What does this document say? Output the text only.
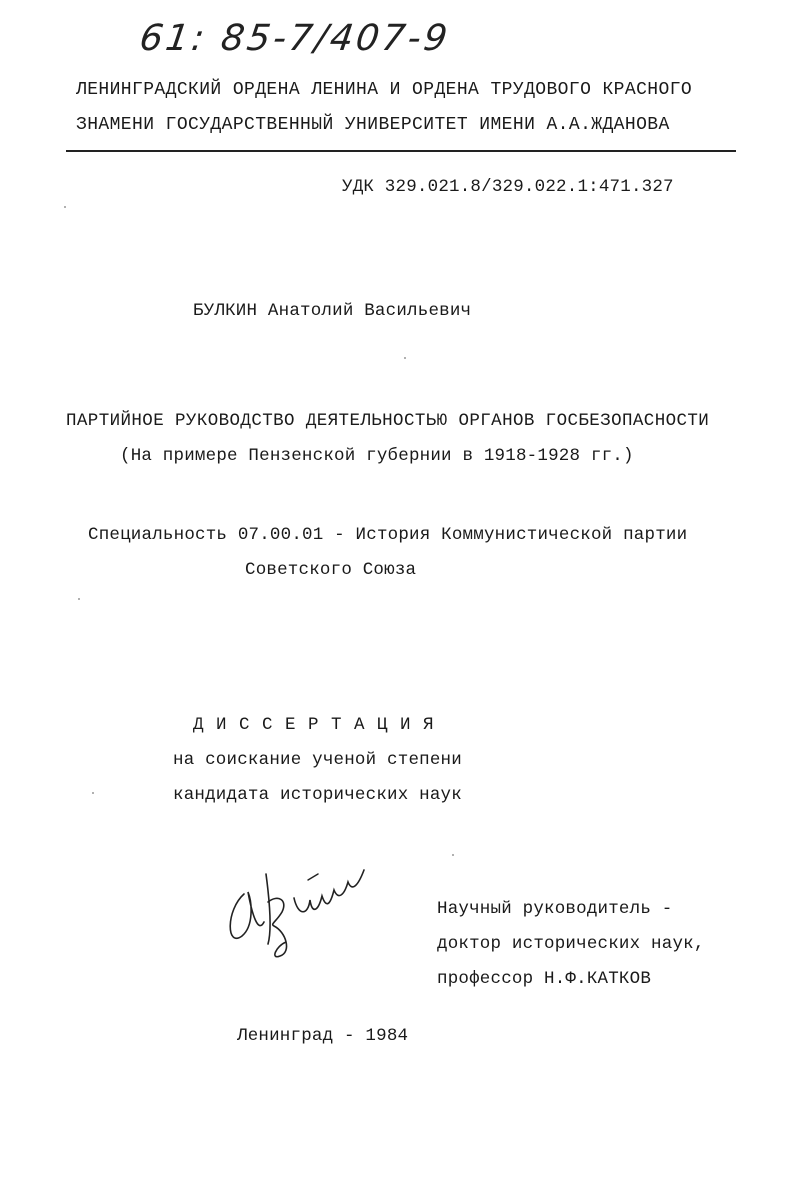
61: 85-7/407-9
ЛЕНИНГРАДСКИЙ ОРДЕНА ЛЕНИНА И ОРДЕНА ТРУДОВОГО КРАСНОГО
ЗНАМЕНИ ГОСУДАРСТВЕННЫЙ УНИВЕРСИТЕТ ИМЕНИ А.А.ЖДАНОВА
УДК 329.021.8/329.022.1:471.327
БУЛКИН Анатолий Васильевич
ПАРТИЙНОЕ РУКОВОДСТВО ДЕЯТЕЛЬНОСТЬЮ ОРГАНОВ ГОСБЕЗОПАСНОСТИ
(На примере Пензенской губернии в 1918-1928 гг.)
Специальность 07.00.01 - История Коммунистической партии
Советского Союза
Д И С С Е Р Т А Ц И Я
на соискание ученой степени
кандидата исторических наук
Научный руководитель -
доктор исторических наук,
профессор Н.Ф.КАТКОВ
Ленинград - 1984
